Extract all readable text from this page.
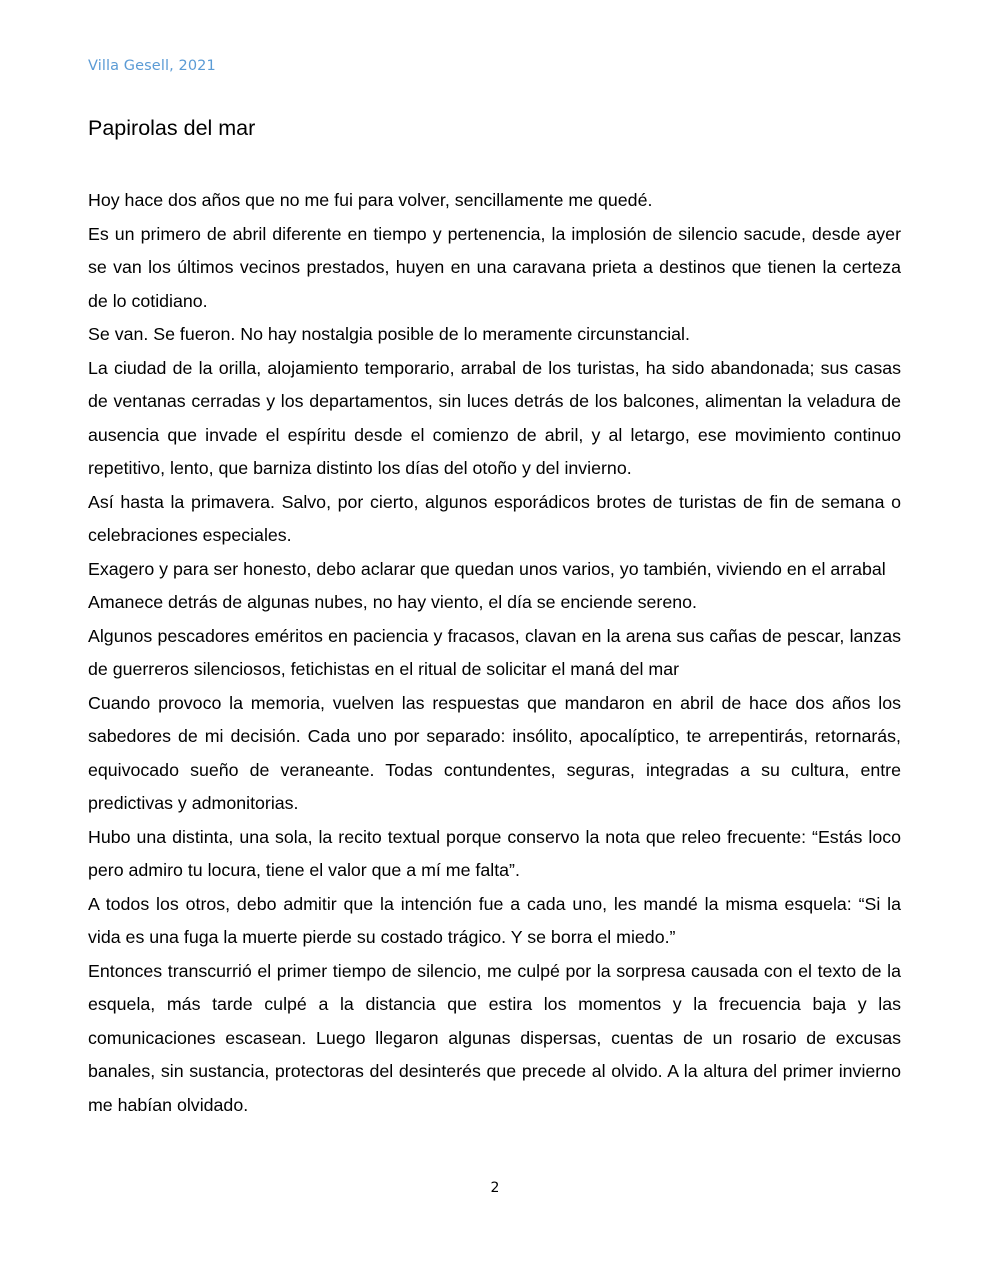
Villa Gesell, 2021
Papirolas del mar

Hoy hace dos años que no me fui para volver, sencillamente me quedé.

Es un primero de abril diferente en tiempo y pertenencia, la implosión de silencio sacude, desde ayer se van los últimos vecinos prestados, huyen en una caravana prieta a destinos que tienen la certeza de lo cotidiano.

Se van. Se fueron. No hay nostalgia posible de lo meramente circunstancial.

La ciudad de la orilla, alojamiento temporario, arrabal de los turistas, ha sido abandonada; sus casas de ventanas cerradas y los departamentos, sin luces detrás de los balcones, alimentan la veladura de ausencia que invade el espíritu desde el comienzo de abril, y al letargo, ese movimiento continuo repetitivo, lento, que barniza distinto los días del otoño y del invierno.

Así hasta la primavera. Salvo, por cierto, algunos esporádicos brotes de turistas de fin de semana o celebraciones especiales.

Exagero y para ser honesto, debo aclarar que quedan unos varios, yo también, viviendo en el arrabal

Amanece detrás de algunas nubes, no hay viento, el día se enciende sereno.

Algunos pescadores eméritos en paciencia y fracasos, clavan en la arena sus cañas de pescar, lanzas de guerreros silenciosos, fetichistas en el ritual de solicitar el maná del mar

Cuando provoco la memoria, vuelven las respuestas que mandaron en abril de hace dos años los sabedores de mi decisión. Cada uno por separado: insólito, apocalíptico, te arrepentirás, retornarás, equivocado sueño de veraneante. Todas contundentes, seguras, integradas a su cultura, entre predictivas y admonitorias.

Hubo una distinta, una sola, la recito textual porque conservo la nota que releo frecuente: “Estás loco pero admiro tu locura, tiene el valor que a mí me falta”.

A todos los otros, debo admitir que la intención fue a cada uno, les mandé la misma esquela: “Si la vida es una fuga la muerte pierde su costado trágico. Y se borra el miedo.”

Entonces transcurrió el primer tiempo de silencio, me culpé por la sorpresa causada con el texto de la esquela, más tarde culpé a la distancia que estira los momentos y la frecuencia baja y las comunicaciones escasean. Luego llegaron algunas dispersas, cuentas de un rosario de excusas banales, sin sustancia, protectoras del desinterés que precede al olvido. A la altura del primer invierno me habían olvidado.

2
